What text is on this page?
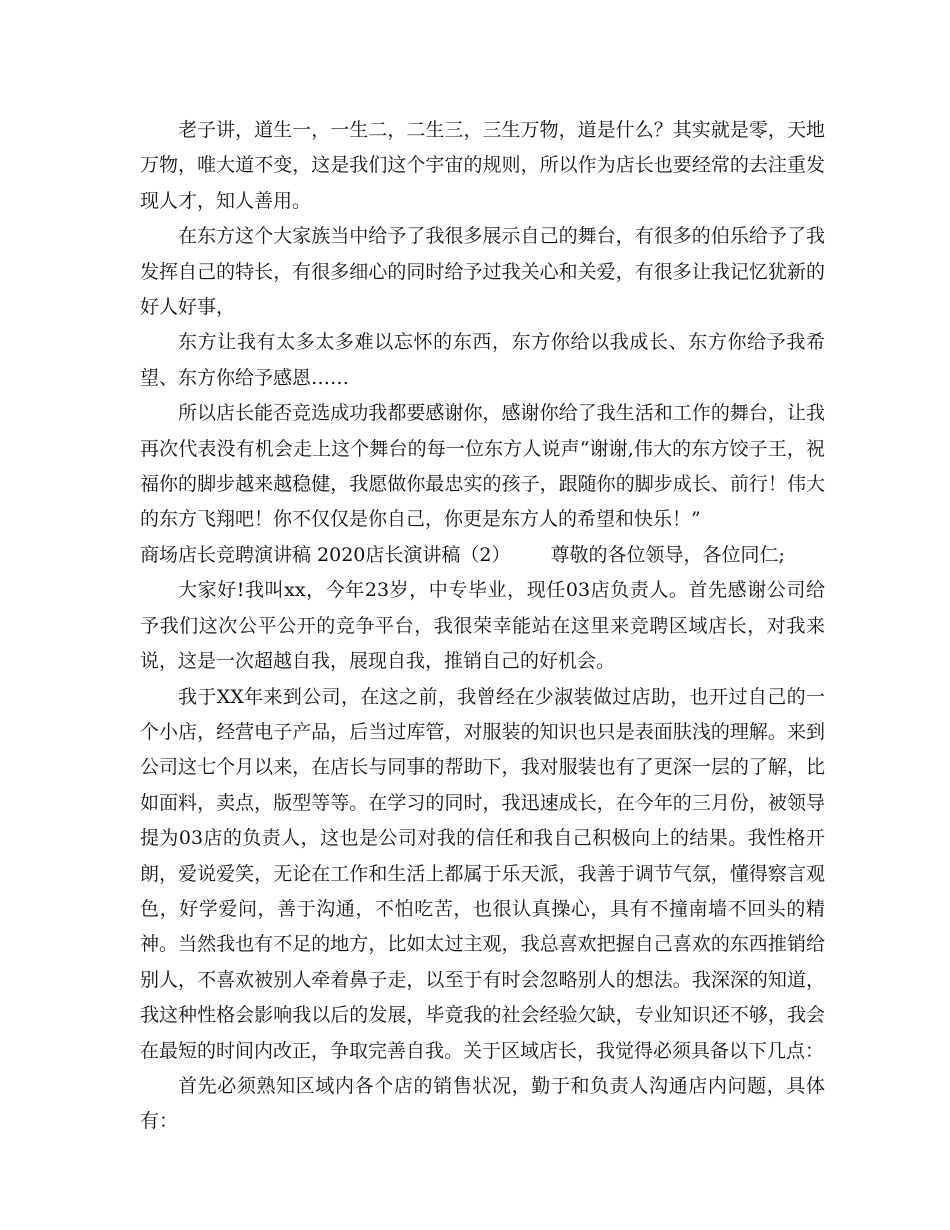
老子讲，道生一，一生二，二生三，三生万物，道是什么？其实就是零，天地万物，唯大道不变，这是我们这个宇宙的规则，所以作为店长也要经常的去注重发现人才，知人善用。

在东方这个大家族当中给予了我很多展示自己的舞台，有很多的伯乐给予了我发挥自己的特长，有很多细心的同时给予过我关心和关爱，有很多让我记忆犹新的好人好事，

东方让我有太多太多难以忘怀的东西，东方你给以我成长、东方你给予我希望、东方你给予感恩……

所以店长能否竞选成功我都要感谢你，感谢你给了我生活和工作的舞台，让我再次代表没有机会走上这个舞台的每一位东方人说声“谢谢,伟大的东方饺子王，祝福你的脚步越来越稳健，我愿做你最忠实的孩子，跟随你的脚步成长、前行！伟大的东方飞翔吧！你不仅仅是你自己，你更是东方人的希望和快乐！”

商场店长竞聘演讲稿 2020店长演讲稿（2） 尊敬的各位领导，各位同仁;

大家好!我叫xx，今年23岁，中专毕业，现任03店负责人。首先感谢公司给予我们这次公平公开的竞争平台，我很荣幸能站在这里来竞聘区域店长，对我来说，这是一次超越自我，展现自我，推销自己的好机会。

我于XX年来到公司，在这之前，我曾经在少淑装做过店助，也开过自己的一个小店，经营电子产品，后当过库管，对服装的知识也只是表面肤浅的理解。来到公司这七个月以来，在店长与同事的帮助下，我对服装也有了更深一层的了解，比如面料，卖点，版型等等。在学习的同时，我迅速成长，在今年的三月份，被领导提为03店的负责人，这也是公司对我的信任和我自己积极向上的结果。我性格开朗，爱说爱笑，无论在工作和生活上都属于乐天派，我善于调节气氛，懂得察言观色，好学爱问，善于沟通，不怕吃苦，也很认真操心，具有不撞南墙不回头的精神。当然我也有不足的地方，比如太过主观，我总喜欢把握自己喜欢的东西推销给别人，不喜欢被别人牵着鼻子走，以至于有时会忽略别人的想法。我深深的知道，我这种性格会影响我以后的发展，毕竟我的社会经验欠缺，专业知识还不够，我会在最短的时间内改正，争取完善自我。关于区域店长，我觉得必须具备以下几点：

首先必须熟知区域内各个店的销售状况，勤于和负责人沟通店内问题，具体有：
